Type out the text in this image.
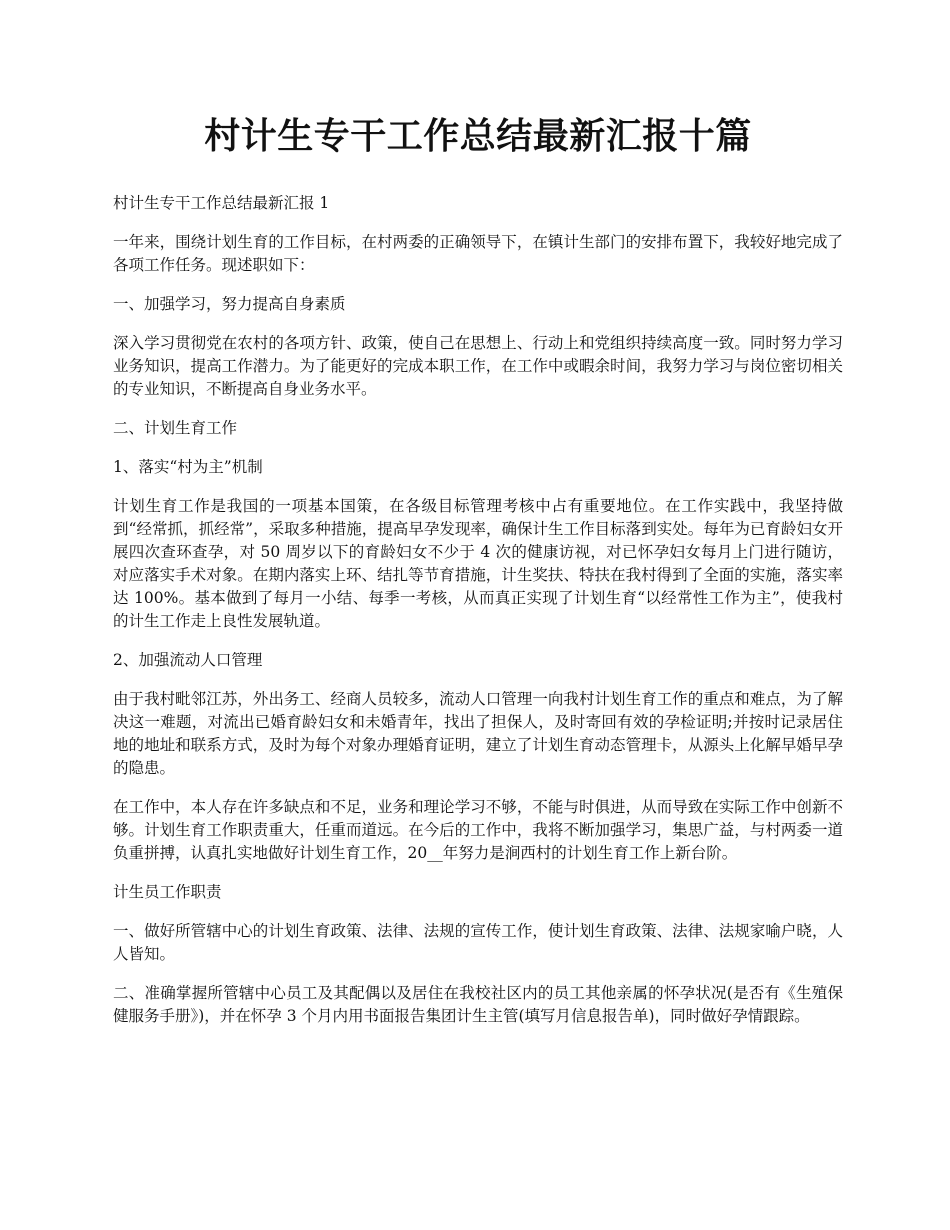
村计生专干工作总结最新汇报十篇

村计生专干工作总结最新汇报 1

一年来，围绕计划生育的工作目标，在村两委的正确领导下，在镇计生部门的安排布置下，我较好地完成了各项工作任务。现述职如下：

一、加强学习，努力提高自身素质

深入学习贯彻党在农村的各项方针、政策，使自己在思想上、行动上和党组织持续高度一致。同时努力学习业务知识，提高工作潜力。为了能更好的完成本职工作，在工作中或暇余时间，我努力学习与岗位密切相关的专业知识，不断提高自身业务水平。

二、计划生育工作

1、落实“村为主”机制

计划生育工作是我国的一项基本国策，在各级目标管理考核中占有重要地位。在工作实践中，我坚持做到“经常抓，抓经常”，采取多种措施，提高早孕发现率，确保计生工作目标落到实处。每年为已育龄妇女开展四次查环查孕，对 50 周岁以下的育龄妇女不少于 4 次的健康访视，对已怀孕妇女每月上门进行随访，对应落实手术对象。在期内落实上环、结扎等节育措施，计生奖扶、特扶在我村得到了全面的实施，落实率达 100%。基本做到了每月一小结、每季一考核，从而真正实现了计划生育“以经常性工作为主”，使我村的计生工作走上良性发展轨道。

2、加强流动人口管理

由于我村毗邻江苏，外出务工、经商人员较多，流动人口管理一向我村计划生育工作的重点和难点，为了解决这一难题，对流出已婚育龄妇女和未婚青年，找出了担保人，及时寄回有效的孕检证明;并按时记录居住地的地址和联系方式，及时为每个对象办理婚育证明，建立了计划生育动态管理卡，从源头上化解早婚早孕的隐患。

在工作中，本人存在许多缺点和不足，业务和理论学习不够，不能与时俱进，从而导致在实际工作中创新不够。计划生育工作职责重大，任重而道远。在今后的工作中，我将不断加强学习，集思广益，与村两委一道负重拼搏，认真扎实地做好计划生育工作，20__年努力是涧西村的计划生育工作上新台阶。

计生员工作职责

一、做好所管辖中心的计划生育政策、法律、法规的宣传工作，使计划生育政策、法律、法规家喻户晓，人人皆知。

二、准确掌握所管辖中心员工及其配偶以及居住在我校社区内的员工其他亲属的怀孕状况(是否有《生殖保健服务手册》)，并在怀孕 3 个月内用书面报告集团计生主管(填写月信息报告单)，同时做好孕情跟踪。
